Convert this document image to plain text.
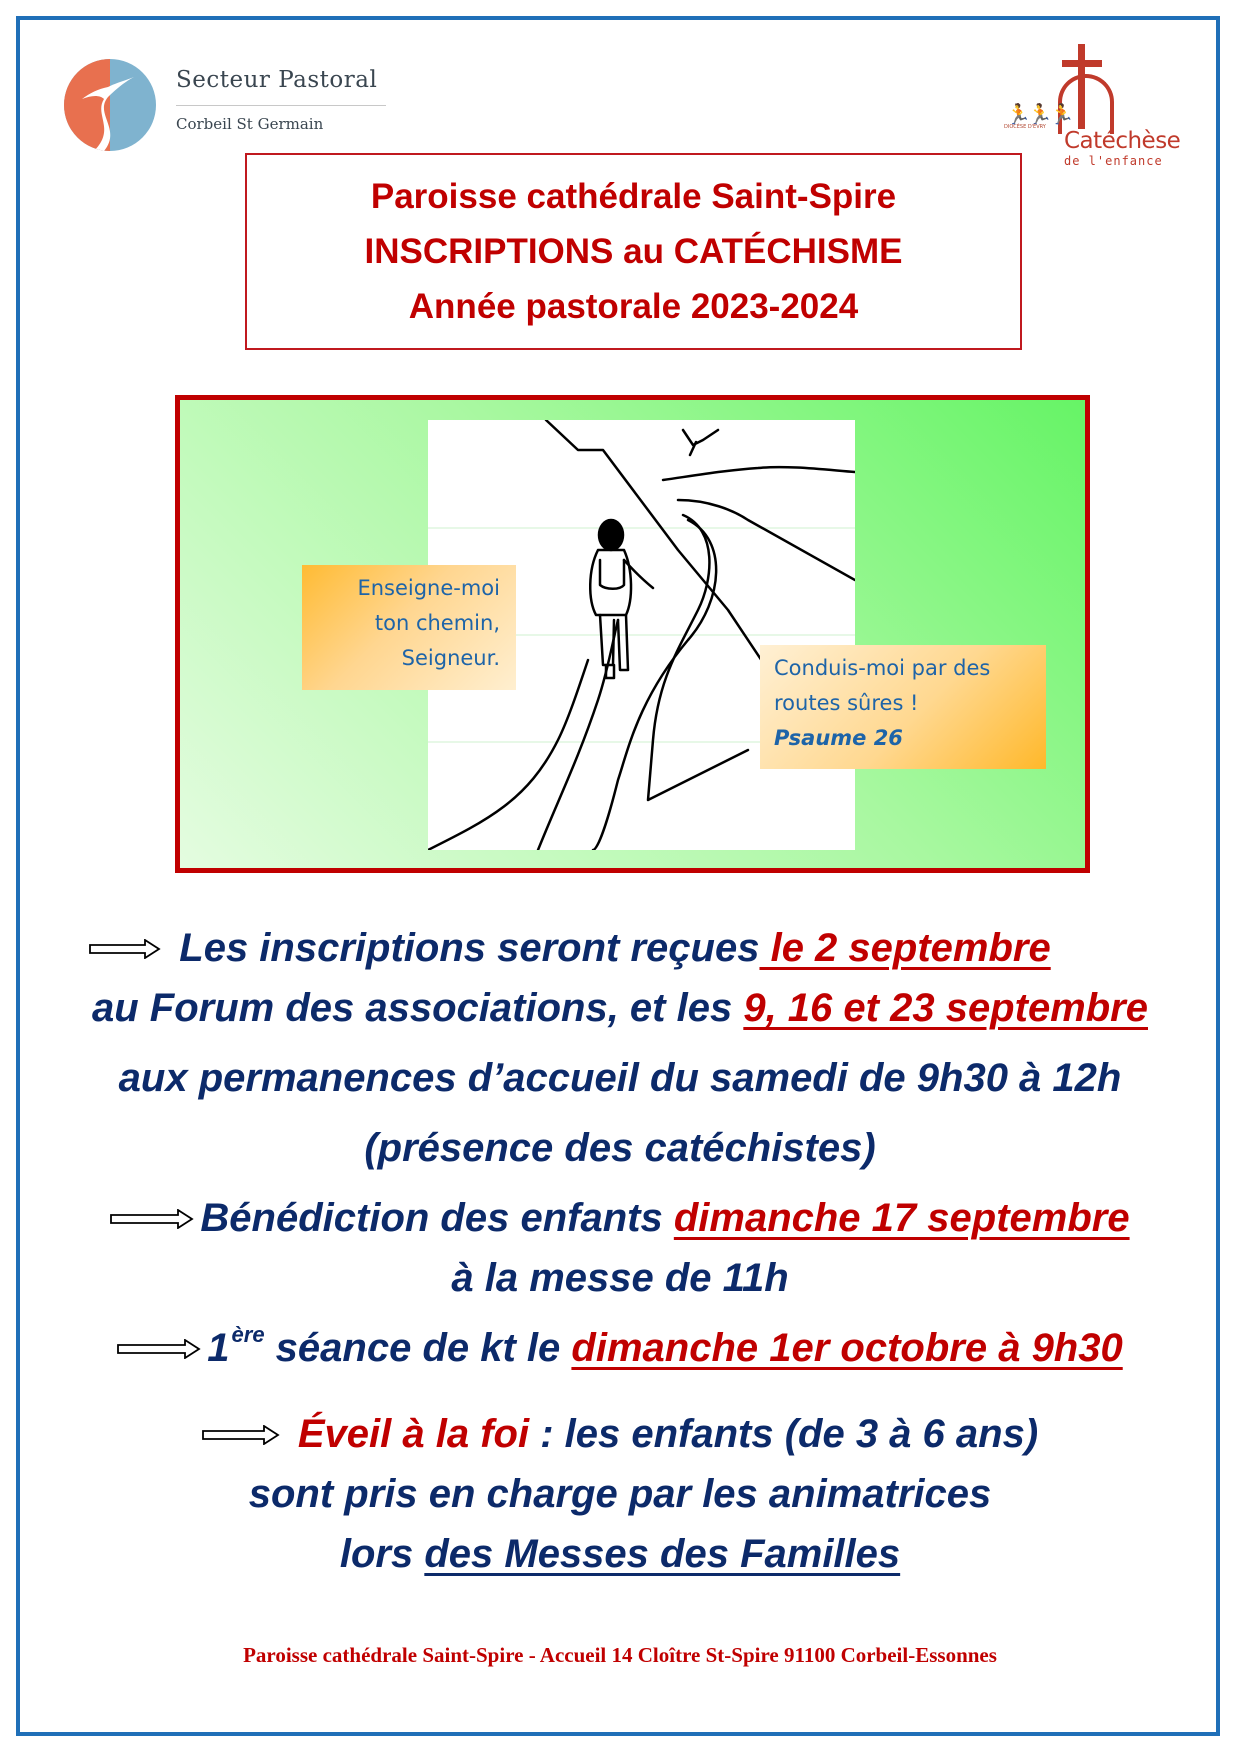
Secteur Pastoral
Corbeil St Germain	🏃🏃🏃
DIOCÈSE D'ÉVRY
Catéchèse
de l'enfance
Paroisse cathédrale Saint-Spire
INSCRIPTIONS au CATÉCHISME
Année pastorale 2023-2024
Enseigne-moi
ton chemin,
Seigneur.	Conduis-moi par des
routes sûres !
Psaume 26
Les inscriptions seront reçues le 2 septembre
au Forum des associations, et les 9, 16 et 23 septembre
aux permanences d’accueil du samedi de 9h30 à 12h
(présence des catéchistes)
Bénédiction des enfants dimanche 17 septembre
à la messe de 11h
1ère séance de kt le dimanche 1er octobre à 9h30
Éveil à la foi : les enfants (de 3 à 6 ans)
sont pris en charge par les animatrices
lors des Messes des Familles
Paroisse cathédrale Saint-Spire - Accueil 14 Cloître St-Spire 91100 Corbeil-Essonnes
